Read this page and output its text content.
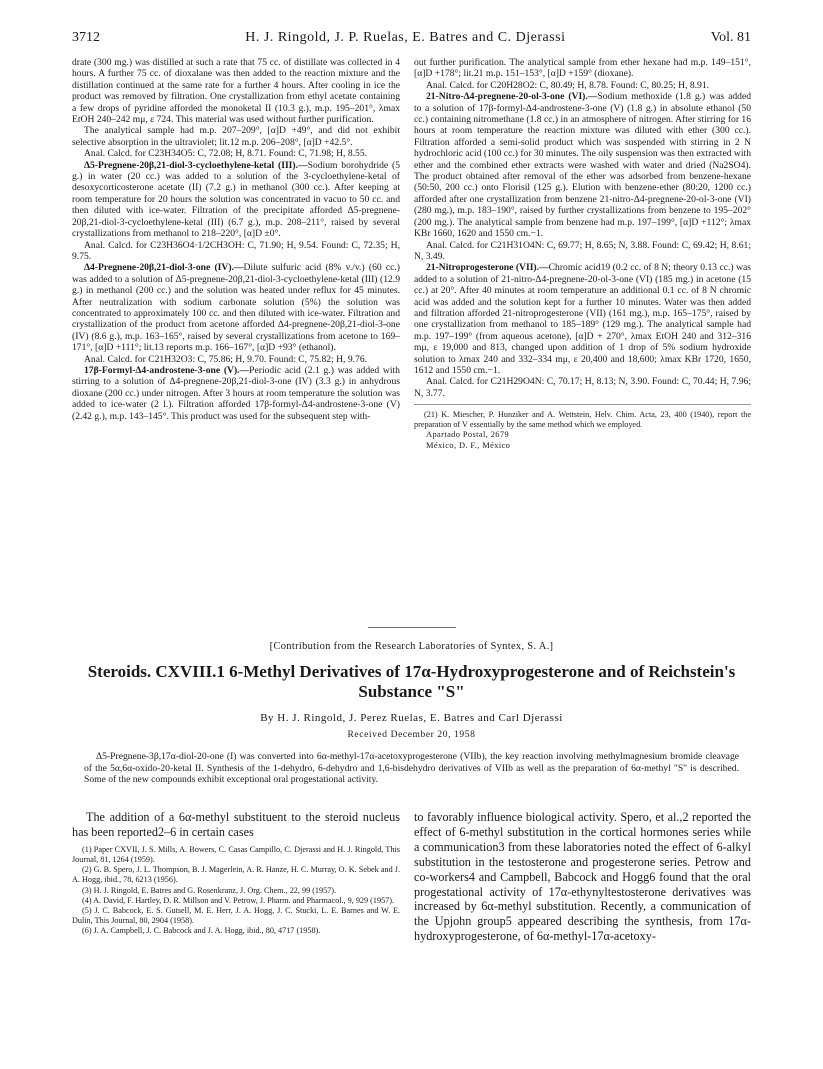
3712	H. J. Ringold, J. P. Ruelas, E. Batres and C. Djerassi	Vol. 81

drate (300 mg.) was distilled at such a rate that 75 cc. of distillate was collected in 4 hours. A further 75 cc. of dioxalane was then added to the reaction mixture and the distillation continued at the same rate for a further 4 hours. After cooling in ice the product was removed by filtration. One crystallization from ethyl acetate containing a few drops of pyridine afforded the monoketal II (10.3 g.), m.p. 195–201°, λmax EtOH 240–242 mμ, ε 724. This material was used without further purification.

The analytical sample had m.p. 207–209°, [α]D +49°, and did not exhibit selective absorption in the ultraviolet; lit.12 m.p. 206–208°, [α]D +42.5°.

Anal. Calcd. for C23H34O5: C, 72.08; H, 8.71. Found: C, 71.98; H, 8.55.

Δ5-Pregnene-20β,21-diol-3-cycloethylene-ketal (III).—Sodium borohydride (5 g.) in water (20 cc.) was added to a solution of the 3-cycloethylene-ketal of desoxycorticosterone acetate (II) (7.2 g.) in methanol (300 cc.). After keeping at room temperature for 20 hours the solution was concentrated in vacuo to 50 cc. and then diluted with ice-water. Filtration of the precipitate afforded Δ5-pregnene-20β,21-diol-3-cycloethylene-ketal (III) (6.7 g.), m.p. 208–211°, raised by several crystallizations from methanol to 218–220°, [α]D ±0°.

Anal. Calcd. for C23H36O4·1/2CH3OH: C, 71.90; H, 9.54. Found: C, 72.35; H, 9.75.

Δ4-Pregnene-20β,21-diol-3-one (IV).—Dilute sulfuric acid (8% v./v.) (60 cc.) was added to a solution of Δ5-pregnene-20β,21-diol-3-cycloethylene-ketal (III) (12.9 g.) in methanol (200 cc.) and the solution was heated under reflux for 45 minutes. After neutralization with sodium carbonate solution (5%) the solution was concentrated to approximately 100 cc. and then diluted with ice-water. Filtration and crystallization of the product from acetone afforded Δ4-pregnene-20β,21-diol-3-one (IV) (8.6 g.), m.p. 163–165°, raised by several crystallizations from acetone to 169–171°, [α]D +111°; lit.13 reports m.p. 166–167°, [α]D +93° (ethanol).

Anal. Calcd. for C21H32O3: C, 75.86; H, 9.70. Found: C, 75.82; H, 9.76.

17β-Formyl-Δ4-androstene-3-one (V).—Periodic acid (2.1 g.) was added with stirring to a solution of Δ4-pregnene-20β,21-diol-3-one (IV) (3.3 g.) in anhydrous dioxane (200 cc.) under nitrogen. After 3 hours at room temperature the solution was added to ice-water (2 l.). Filtration afforded 17β-formyl-Δ4-androstene-3-one (V) (2.42 g.), m.p. 143–145°. This product was used for the subsequent step with-

out further purification. The analytical sample from ether hexane had m.p. 149–151°, [α]D +178°; lit.21 m.p. 151–153°, [α]D +159° (dioxane).

Anal. Calcd. for C20H28O2: C, 80.49; H, 8.78. Found: C, 80.25; H, 8.91.

21-Nitro-Δ4-pregnene-20-ol-3-one (VI).—Sodium methoxide (1.8 g.) was added to a solution of 17β-formyl-Δ4-androstene-3-one (V) (1.8 g.) in absolute ethanol (50 cc.) containing nitromethane (1.8 cc.) in an atmosphere of nitrogen. After stirring for 16 hours at room temperature the reaction mixture was diluted with ether (300 cc.). Filtration afforded a semi-solid product which was suspended with stirring in 2 N hydrochloric acid (100 cc.) for 30 minutes. The oily suspension was then extracted with ether and the combined ether extracts were washed with water and dried (Na2SO4). The product obtained after removal of the ether was adsorbed from benzene-hexane (50:50, 200 cc.) onto Florisil (125 g.). Elution with benzene-ether (80:20, 1200 cc.) afforded after one crystallization from benzene 21-nitro-Δ4-pregnene-20-ol-3-one (VI) (280 mg.), m.p. 183–190°, raised by further crystallizations from benzene to 195–202° (200 mg.). The analytical sample from benzene had m.p. 197–199°, [α]D +112°; λmax KBr 1660, 1620 and 1550 cm.−1.

Anal. Calcd. for C21H31O4N: C, 69.77; H, 8.65; N, 3.88. Found: C, 69.42; H, 8.61; N, 3.49.

21-Nitroprogesterone (VII).—Chromic acid19 (0.2 cc. of 8 N; theory 0.13 cc.) was added to a solution of 21-nitro-Δ4-pregnene-20-ol-3-one (VI) (185 mg.) in acetone (15 cc.) at 20°. After 40 minutes at room temperature an additional 0.1 cc. of 8 N chromic acid was added and the solution kept for a further 10 minutes. Water was then added and filtration afforded 21-nitroprogesterone (VII) (161 mg.), m.p. 165–175°, raised by one crystallization from methanol to 185–189° (129 mg.). The analytical sample had m.p. 197–199° (from aqueous acetone), [α]D + 270°, λmax EtOH 240 and 312–316 mμ, ε 19,000 and 813, changed upon addition of 1 drop of 5% sodium hydroxide solution to λmax 240 and 332–334 mμ, ε 20,400 and 18,600; λmax KBr 1720, 1650, 1612 and 1550 cm.−1.

Anal. Calcd. for C21H29O4N: C, 70.17; H, 8.13; N, 3.90. Found: C, 70.44; H, 7.96; N, 3.77.

(21) K. Miescher, P. Hunziker and A. Wettstein, Helv. Chim. Acta, 23, 400 (1940), report the preparation of V essentially by the same method which we employed.

Apartado Postal, 2679
México, D. F., México
[Contribution from the Research Laboratories of Syntex, S. A.]
Steroids. CXVIII.1 6-Methyl Derivatives of 17α-Hydroxyprogesterone and of Reichstein's Substance "S"
By H. J. Ringold, J. Perez Ruelas, E. Batres and Carl Djerassi
Received December 20, 1958

Δ5-Pregnene-3β,17α-diol-20-one (I) was converted into 6α-methyl-17α-acetoxyprogesterone (VIIb), the key reaction involving methylmagnesium bromide cleavage of the 5α,6α-oxido-20-ketal II. Synthesis of the 1-dehydro, 6-dehydro and 1,6-bisdehydro derivatives of VIIb as well as the preparation of 6α-methyl "S" is described. Some of the new compounds exhibit exceptional oral progestational activity.

The addition of a 6α-methyl substituent to the steroid nucleus has been reported2–6 in certain cases

(1) Paper CXVII, J. S. Mills, A. Bowers, C. Casas Campillo, C. Djerassi and H. J. Ringold, This Journal, 81, 1264 (1959).

(2) G. B. Spero, J. L. Thompson, B. J. Magerlein, A. R. Hanze, H. C. Murray, O. K. Sebek and J. A. Hogg, ibid., 78, 6213 (1956).

(3) H. J. Ringold, E. Batres and G. Rosenkranz, J. Org. Chem., 22, 99 (1957).

(4) A. David, F. Hartley, D. R. Millson and V. Petrow, J. Pharm. and Pharmacol., 9, 929 (1957).

(5) J. C. Babcock, E. S. Gutsell, M. E. Herr, J. A. Hogg, J. C. Stucki, L. E. Barnes and W. E. Dulin, This Journal, 80, 2904 (1958).

(6) J. A. Campbell, J. C. Babcock and J. A. Hogg, ibid., 80, 4717 (1958).

to favorably influence biological activity. Spero, et al.,2 reported the effect of 6-methyl substitution in the cortical hormones series while a communication3 from these laboratories noted the effect of 6-alkyl substitution in the testosterone and progesterone series. Petrow and co-workers4 and Campbell, Babcock and Hogg6 found that the oral progestational activity of 17α-ethynyltestosterone derivatives was increased by 6α-methyl substitution. Recently, a communication of the Upjohn group5 appeared describing the synthesis, from 17α-hydroxyprogesterone, of 6α-methyl-17α-acetoxy-
